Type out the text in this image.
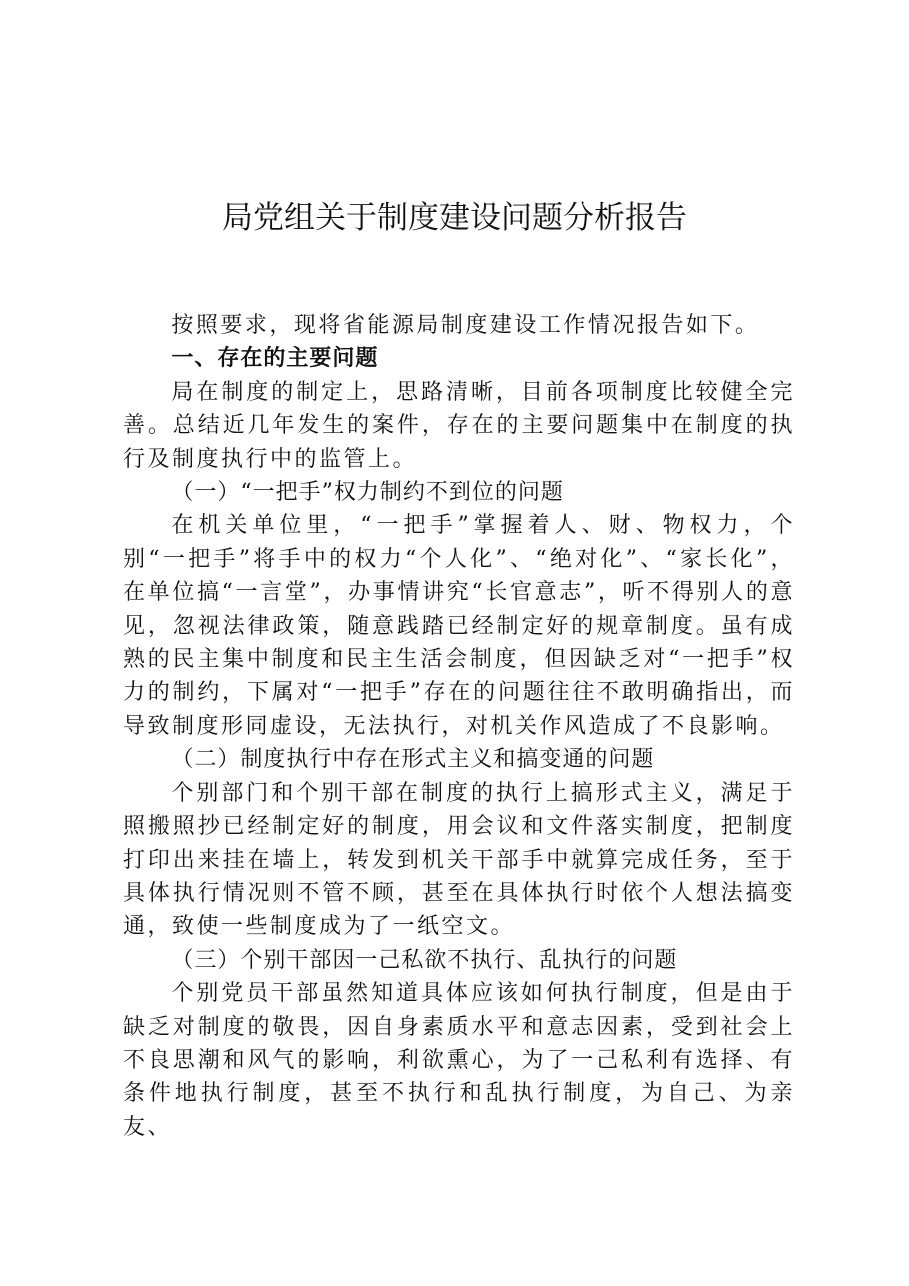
局党组关于制度建设问题分析报告

按照要求，现将省能源局制度建设工作情况报告如下。

一、存在的主要问题

局在制度的制定上，思路清晰，目前各项制度比较健全完善。总结近几年发生的案件，存在的主要问题集中在制度的执行及制度执行中的监管上。

（一）“一把手”权力制约不到位的问题

在机关单位里，“一把手”掌握着人、财、物权力，个别“一把手”将手中的权力“个人化”、“绝对化”、“家长化”，在单位搞“一言堂”，办事情讲究“长官意志”，听不得别人的意见，忽视法律政策，随意践踏已经制定好的规章制度。虽有成熟的民主集中制度和民主生活会制度，但因缺乏对“一把手”权力的制约，下属对“一把手”存在的问题往往不敢明确指出，而导致制度形同虚设，无法执行，对机关作风造成了不良影响。

（二）制度执行中存在形式主义和搞变通的问题

个别部门和个别干部在制度的执行上搞形式主义，满足于照搬照抄已经制定好的制度，用会议和文件落实制度，把制度打印出来挂在墙上，转发到机关干部手中就算完成任务，至于具体执行情况则不管不顾，甚至在具体执行时依个人想法搞变通，致使一些制度成为了一纸空文。

（三）个别干部因一己私欲不执行、乱执行的问题

个别党员干部虽然知道具体应该如何执行制度，但是由于缺乏对制度的敬畏，因自身素质水平和意志因素，受到社会上不良思潮和风气的影响，利欲熏心，为了一己私利有选择、有条件地执行制度，甚至不执行和乱执行制度，为自己、为亲友、
